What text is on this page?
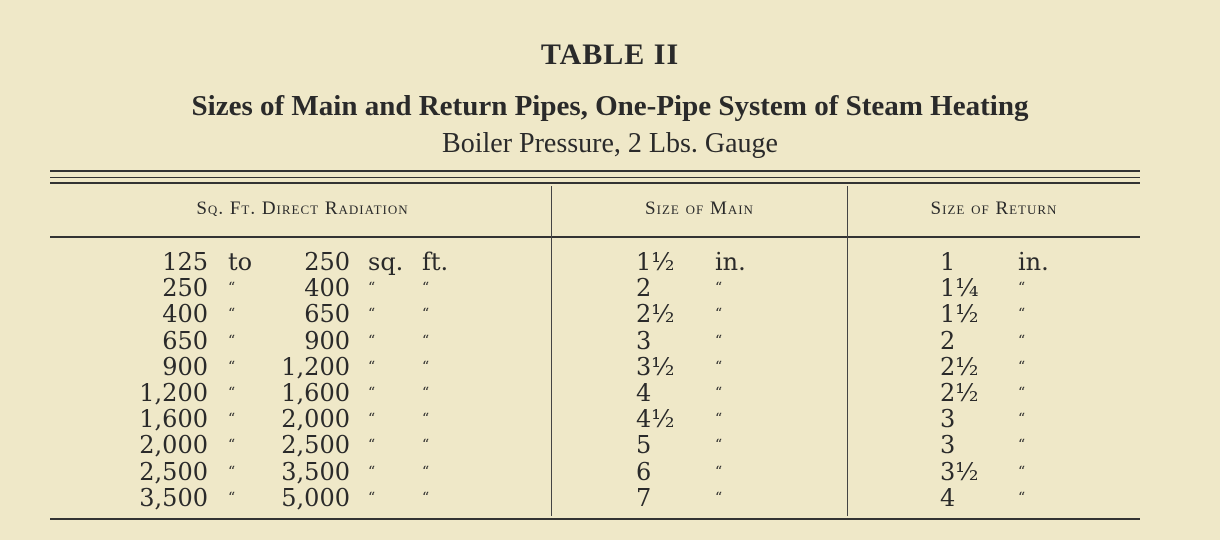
TABLE II
Sizes of Main and Return Pipes, One-Pipe System of Steam Heating
Boiler Pressure, 2 Lbs. Gauge
Sq. Ft. Direct Radiation	Size of Main	Size of Return
125 to	250 sq. ft.	1½ in.	1	in.
250 “	400 “	“	2	“	1¼	“
400 “	650 “	“	2½	“	1½	“
650 “	900 “	“	3	“	2	“
900 “	1,200 “	“	3½	“	2½	“
1,200 “	1,600 “	“	4	“	2½	“
1,600 “	2,000 “	“	4½	“	3	“
2,000 “	2,500 “	“	5	“	3	“
2,500 “	3,500 “	“	6	“	3½	“
3,500 “	5,000 “	“	7	“	4	“
